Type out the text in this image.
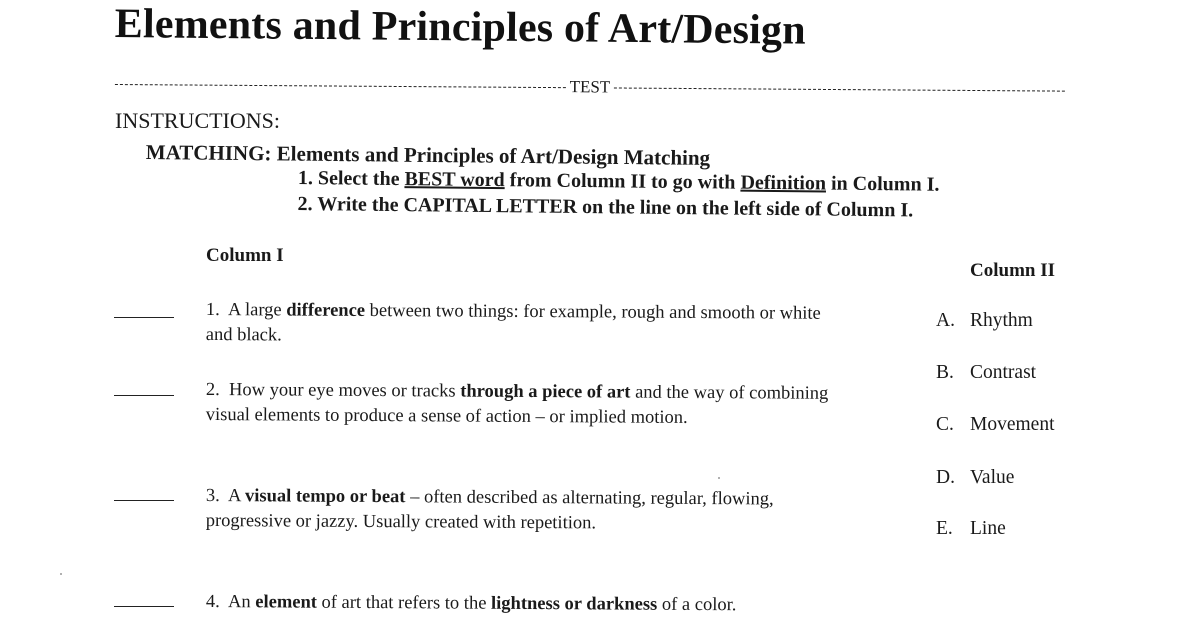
Elements and Principles of Art/Design
TEST
INSTRUCTIONS:
MATCHING: Elements and Principles of Art/Design Matching
1. Select the BEST word from Column II to go with Definition in Column I.
2. Write the CAPITAL LETTER on the line on the left side of Column I.
Column I
Column II
1. A large difference between two things: for example, rough and smooth or white and black.
2. How your eye moves or tracks through a piece of art and the way of combining visual elements to produce a sense of action – or implied motion.
3. A visual tempo or beat – often described as alternating, regular, flowing, progressive or jazzy. Usually created with repetition.
4. An element of art that refers to the lightness or darkness of a color.
A. Rhythm
B. Contrast
C. Movement
D. Value
E. Line
